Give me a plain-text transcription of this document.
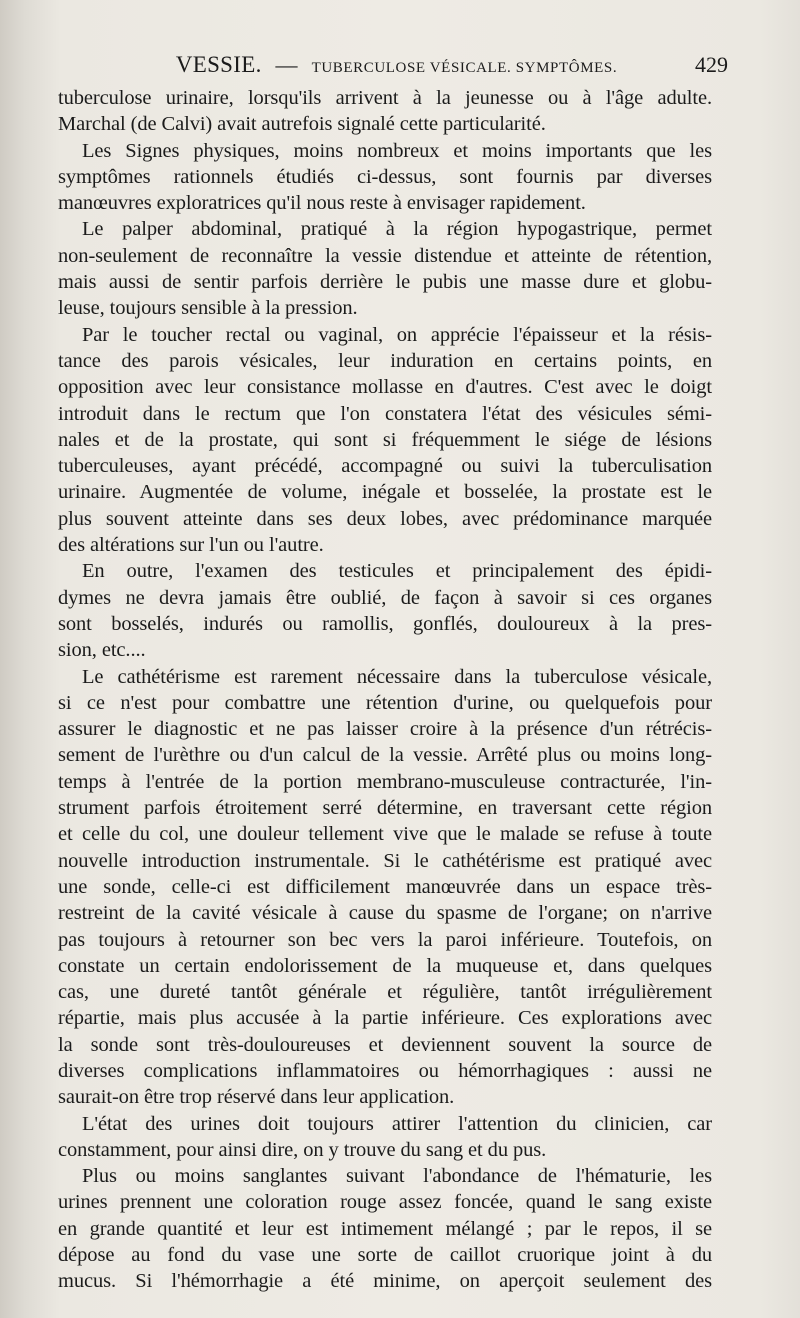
VESSIE. — TUBERCULOSE VÉSICALE. SYMPTÔMES.	429
tuberculose urinaire, lorsqu'ils arrivent à la jeunesse ou à l'âge adulte.
Marchal (de Calvi) avait autrefois signalé cette particularité.
Les Signes physiques, moins nombreux et moins importants que les
symptômes rationnels étudiés ci-dessus, sont fournis par diverses
manœuvres exploratrices qu'il nous reste à envisager rapidement.
Le palper abdominal, pratiqué à la région hypogastrique, permet
non-seulement de reconnaître la vessie distendue et atteinte de rétention,
mais aussi de sentir parfois derrière le pubis une masse dure et globu-
leuse, toujours sensible à la pression.
Par le toucher rectal ou vaginal, on apprécie l'épaisseur et la résis-
tance des parois vésicales, leur induration en certains points, en
opposition avec leur consistance mollasse en d'autres. C'est avec le doigt
introduit dans le rectum que l'on constatera l'état des vésicules sémi-
nales et de la prostate, qui sont si fréquemment le siége de lésions
tuberculeuses, ayant précédé, accompagné ou suivi la tuberculisation
urinaire. Augmentée de volume, inégale et bosselée, la prostate est le
plus souvent atteinte dans ses deux lobes, avec prédominance marquée
des altérations sur l'un ou l'autre.
En outre, l'examen des testicules et principalement des épidi-
dymes ne devra jamais être oublié, de façon à savoir si ces organes
sont bosselés, indurés ou ramollis, gonflés, douloureux à la pres-
sion, etc....
Le cathétérisme est rarement nécessaire dans la tuberculose vésicale,
si ce n'est pour combattre une rétention d'urine, ou quelquefois pour
assurer le diagnostic et ne pas laisser croire à la présence d'un rétrécis-
sement de l'urèthre ou d'un calcul de la vessie. Arrêté plus ou moins long-
temps à l'entrée de la portion membrano-musculeuse contracturée, l'in-
strument parfois étroitement serré détermine, en traversant cette région
et celle du col, une douleur tellement vive que le malade se refuse à toute
nouvelle introduction instrumentale. Si le cathétérisme est pratiqué avec
une sonde, celle-ci est difficilement manœuvrée dans un espace très-
restreint de la cavité vésicale à cause du spasme de l'organe; on n'arrive
pas toujours à retourner son bec vers la paroi inférieure. Toutefois, on
constate un certain endolorissement de la muqueuse et, dans quelques
cas, une dureté tantôt générale et régulière, tantôt irrégulièrement
répartie, mais plus accusée à la partie inférieure. Ces explorations avec
la sonde sont très-douloureuses et deviennent souvent la source de
diverses complications inflammatoires ou hémorrhagiques : aussi ne
saurait-on être trop réservé dans leur application.
L'état des urines doit toujours attirer l'attention du clinicien, car
constamment, pour ainsi dire, on y trouve du sang et du pus.
Plus ou moins sanglantes suivant l'abondance de l'hématurie, les
urines prennent une coloration rouge assez foncée, quand le sang existe
en grande quantité et leur est intimement mélangé ; par le repos, il se
dépose au fond du vase une sorte de caillot cruorique joint à du
mucus. Si l'hémorrhagie a été minime, on aperçoit seulement des
